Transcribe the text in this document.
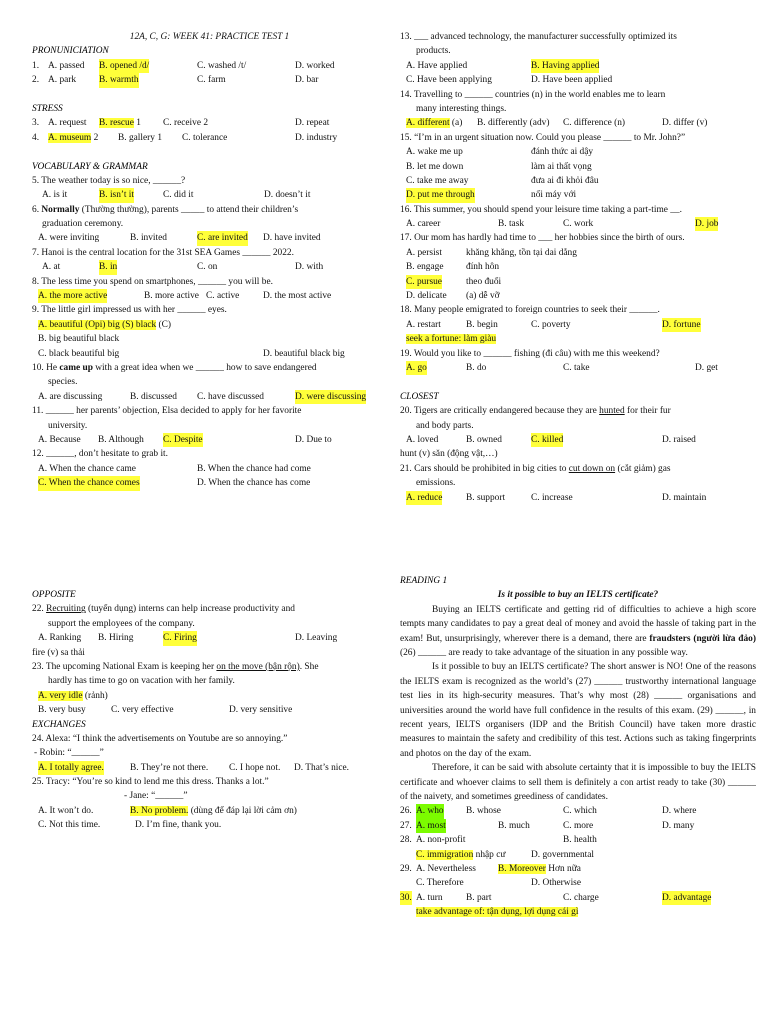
12A, C, G: WEEK 41: PRACTICE TEST 1
PRONUNICIATION
1. A. passed B. opened /d/	C. washed /t/	D. worked
2. A. park B. warmth	C. farm	D. bar
STRESS
3. A. request B. rescue 1 C. receive 2	D. repeat
4. A. museum 2 B. gallery 1 C. tolerance	D. industry
VOCABULARY & GRAMMAR
5. The weather today is so nice, ______?
A. is it	B. isn’t it	C. did it	D. doesn’t it
6. Normally (Thường thường), parents _____ to attend their children’s
graduation ceremony.
A. were inviting	B. invited	C. are invited D. have invited
7. Hanoi is the central location for the 31st SEA Games ______ 2022.
A. at	B. in	C. on	D. with
8. The less time you spend on smartphones, ______ you will be.
A. the more active	B. more active C. active	D. the most active
9. The little girl impressed us with her ______ eyes.
A. beautiful (Opi) big (S) black (C)
B. big beautiful black
C. black beautiful big	D. beautiful black big
10. He came up with a great idea when we ______ how to save endangered
species.
A. are discussing	B. discussed C. have discussed	D. were discussing
11. ______ her parents’ objection, Elsa decided to apply for her favorite
university.
A. Because B. Although C. Despite	D. Due to
12. ______, don’t hesitate to grab it.
A. When the chance came	B. When the chance had come
C. When the chance comes	D. When the chance has come
13. ___ advanced technology, the manufacturer successfully optimized its
products.
A. Have applied	B. Having applied
C. Have been applying	D. Have been applied
14. Travelling to ______ countries (n) in the world enables me to learn
many interesting things.
A. different (a) B. differently (adv) C. difference (n)	D. differ (v)
15. “I’m in an urgent situation now. Could you please ______ to Mr. John?”
A. wake me up	đánh thức ai dậy
B. let me down	làm ai thất vọng
C. take me away	đưa ai đi khỏi đâu
D. put me through	nối máy với
16. This summer, you should spend your leisure time taking a part-time __.
A. career	B. task	C. work	D. job
17. Our mom has hardly had time to ___ her hobbies since the birth of ours.
A. persist	khăng khăng, tồn tại dai dẳng
B. engage đính hôn
C. pursue	theo đuổi
D. delicate (a) dễ vỡ
18. Many people emigrated to foreign countries to seek their ______.
A. restart	B. begin	C. poverty	D. fortune
seek a fortune: làm giàu
19. Would you like to ______ fishing (đi câu) with me this weekend?
A. go	B. do	C. take	D. get
CLOSEST
20. Tigers are critically endangered because they are hunted for their fur
and body parts.
A. loved	B. owned	C. killed	D. raised
hunt (v) săn (động vật,…)
21. Cars should be prohibited in big cities to cut down on (cắt giảm) gas
emissions.
A. reduce	B. support	C. increase	D. maintain
OPPOSITE
22. Recruiting (tuyển dụng) interns can help increase productivity and
support the employees of the company.
A. Ranking B. Hiring	C. Firing	D. Leaving
fire (v) sa thải
23. The upcoming National Exam is keeping her on the move (bận rộn). She
hardly has time to go on vacation with her family.
A. very idle (rảnh)
B. very busy	C. very effective	D. very sensitive
EXCHANGES
24. Alexa: “I think the advertisements on Youtube are so annoying.”
- Robin: “______”
A. I totally agree.	B. They’re not there. C. I hope not. D. That’s nice.
25. Tracy: “You’re so kind to lend me this dress. Thanks a lot.”
- Jane: “______”
A. It won’t do.	B. No problem. (dùng để đáp lại lời cảm ơn)
C. Not this time.	D. I’m fine, thank you.
READING 1
Is it possible to buy an IELTS certificate?

Buying an IELTS certificate and getting rid of difficulties to achieve a high score tempts many candidates to pay a great deal of money and avoid the hassle of taking part in the exam! But, unsurprisingly, wherever there is a demand, there are fraudsters (người lừa đảo) (26) ______ are ready to take advantage of the situation in any possible way.

Is it possible to buy an IELTS certificate? The short answer is NO! One of the reasons the IELTS exam is recognized as the world’s (27) ______ trustworthy international language test lies in its high-security measures. That’s why most (28) ______ organisations and universities around the world have full confidence in the results of this exam. (29) ______, in recent years, IELTS organisers (IDP and the British Council) have taken more drastic measures to maintain the safety and credibility of this test. Actions such as taking fingerprints and photos on the day of the exam.

Therefore, it can be said with absolute certainty that it is impossible to buy the IELTS certificate and whoever claims to sell them is definitely a con artist ready to take (30) ______ of the naivety, and sometimes greediness of candidates.

26. A. who B. whose	C. which	D. where
27. A. most	B. much	C. more	D. many
28. A. non-profit	B. health
C. immigration nhập cư	D. governmental
29. A. Nevertheless B. Moreover Hơn nữa
C. Therefore	D. Otherwise
30. A. turn B. part	C. charge	D. advantage
take advantage of: tận dụng, lợi dụng cái gì
